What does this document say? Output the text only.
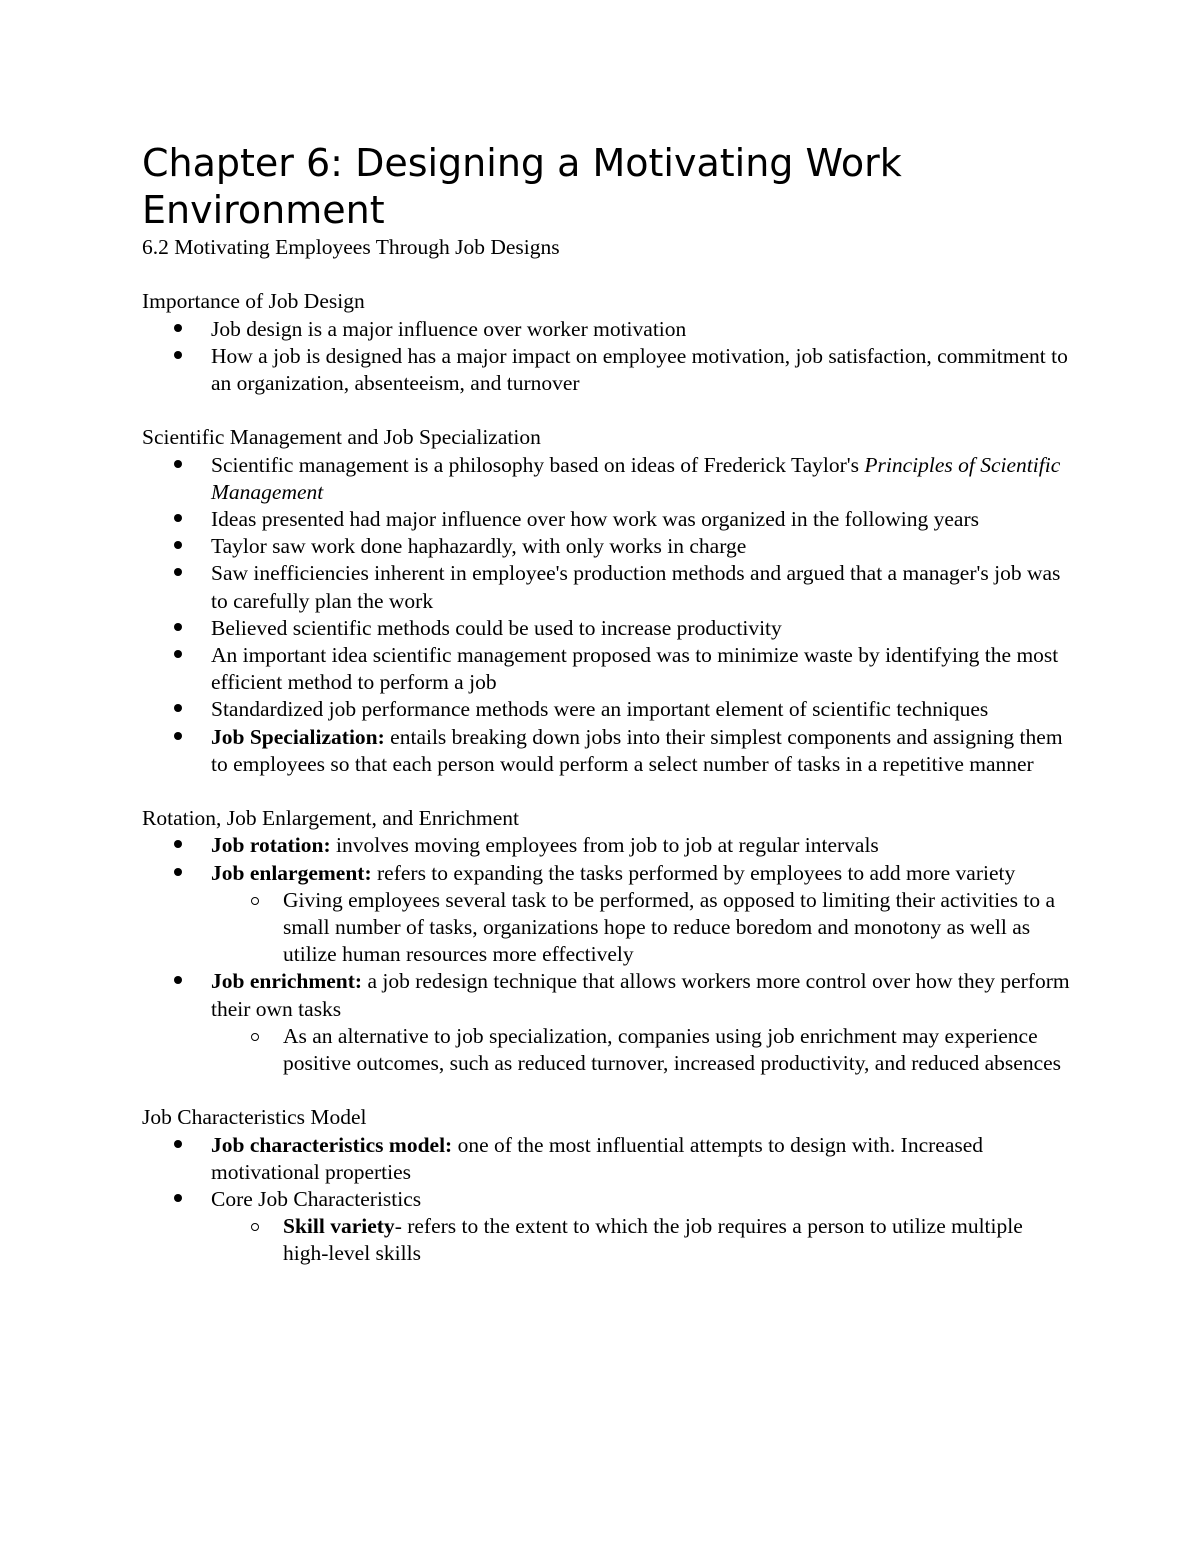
Chapter 6: Designing a Motivating Work Environment

6.2 Motivating Employees Through Job Designs

Importance of Job Design

Job design is a major influence over worker motivation
How a job is designed has a major impact on employee motivation, job satisfaction, commitment to an organization, absenteeism, and turnover

Scientific Management and Job Specialization

Scientific management is a philosophy based on ideas of Frederick Taylor's Principles of Scientific Management
Ideas presented had major influence over how work was organized in the following years
Taylor saw work done haphazardly, with only works in charge
Saw inefficiencies inherent in employee's production methods and argued that a manager's job was to carefully plan the work
Believed scientific methods could be used to increase productivity
An important idea scientific management proposed was to minimize waste by identifying the most efficient method to perform a job
Standardized job performance methods were an important element of scientific techniques
Job Specialization: entails breaking down jobs into their simplest components and assigning them to employees so that each person would perform a select number of tasks in a repetitive manner

Rotation, Job Enlargement, and Enrichment

Job rotation: involves moving employees from job to job at regular intervals
Job enlargement: refers to expanding the tasks performed by employees to add more variety
Giving employees several task to be performed, as opposed to limiting their activities to a small number of tasks, organizations hope to reduce boredom and monotony as well as utilize human resources more effectively
Job enrichment: a job redesign technique that allows workers more control over how they perform their own tasks
As an alternative to job specialization, companies using job enrichment may experience positive outcomes, such as reduced turnover, increased productivity, and reduced absences

Job Characteristics Model

Job characteristics model: one of the most influential attempts to design with. Increased motivational properties
Core Job Characteristics
Skill variety- refers to the extent to which the job requires a person to utilize multiple high-level skills
